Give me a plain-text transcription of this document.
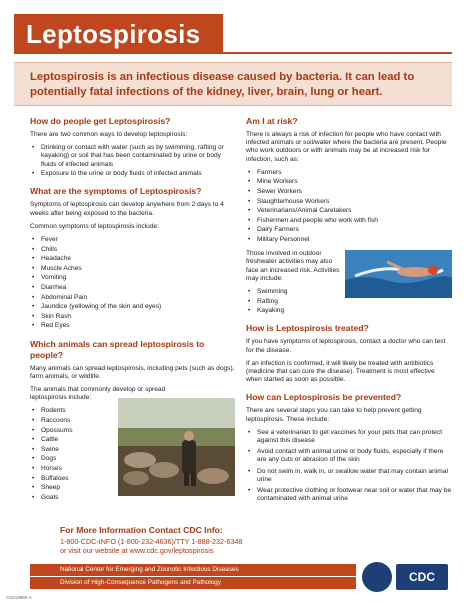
Leptospirosis
Leptospirosis is an infectious disease caused by bacteria. It can lead to potentially fatal infections of the kidney, liver, brain, lung or heart.
How do people get Leptospirosis?

There are two common ways to develop leptospirosis:

• Drinking or contact with water (such as by swimming, rafting or kayaking) or soil that has been contaminated by urine or body fluids of infected animals
• Exposure to the urine or body fluids of infected animals
What are the symptoms of Leptospirosis?

Symptoms of leptospirosis can develop anywhere from 2 days to 4 weeks after being exposed to the bacteria.

Common symptoms of leptospirosis include:

• Fever
• Chills
• Headache
• Muscle Aches
• Vomiting
• Diarrhea
• Abdominal Pain
• Jaundice (yellowing of the skin and eyes)
• Skin Rash
• Red Eyes
Which animals can spread leptospirosis to people?

Many animals can spread leptospirosis, including pets (such as dogs), farm animals, or wildlife.

The animals that commonly develop or spread leptospirosis include:

• Rodents
• Raccoons
• Opossums
• Cattle
• Swine
• Dogs
• Horses
• Buffaloes
• Sheep
• Goats
Am I at risk?

There is always a risk of infection for people who have contact with infected animals or soil/water where the bacteria are present. People who work outdoors or with animals may be at increased risk for infection, such as:

• Farmers
• Mine Workers
• Sewer Workers
• Slaughterhouse Workers
• Veterinarians/Animal Caretakers
• Fishermen and people who work with fish
• Dairy Farmers
• Military Personnel

Those involved in outdoor freshwater activities may also face an increased risk. Activities may include:

• Swimming
• Rafting
• Kayaking
How is Leptospirosis treated?

If you have symptoms of leptospirosis, contact a doctor who can test for the disease.

If an infection is confirmed, it will likely be treated with antibiotics (medicine that can cure the disease). Treatment is most effective when started as soon as possible.

How can Leptospirosis be prevented?

There are several steps you can take to help prevent getting leptospirosis. These include:

• See a veterinarian to get vaccines for your pets that can protect against this disease
• Avoid contact with animal urine or body fluids, especially if there are any cuts or abrasion of the skin
• Do not swim in, walk in, or swallow water that may contain animal urine
• Wear protective clothing or footwear near soil or water that may be contaminated with animal urine
For More Information Contact CDC Info:
1-800-CDC-INFO (1-800-232-4636)/TTY 1-888-232-6348
or visit our website at www.cdc.gov/leptospirosis
National Center for Emerging and Zoonotic Infectious Diseases
Division of High-Consequence Pathogens and Pathology	CDC
CS219990-A
